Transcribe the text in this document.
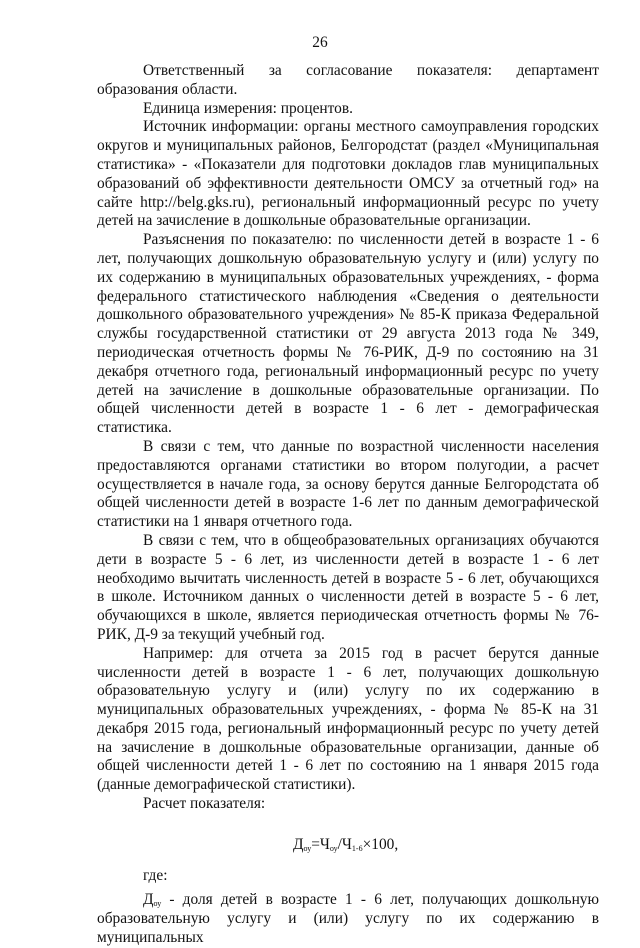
26

Ответственный за согласование показателя: департамент образования области.

Единица измерения: процентов.

Источник информации: органы местного самоуправления городских округов и муниципальных районов, Белгородстат (раздел «Муниципальная статистика» - «Показатели для подготовки докладов глав муниципальных образований об эффективности деятельности ОМСУ за отчетный год» на сайте http://belg.gks.ru), региональный информационный ресурс по учету детей на зачисление в дошкольные образовательные организации.

Разъяснения по показателю: по численности детей в возрасте 1 - 6 лет, получающих дошкольную образовательную услугу и (или) услугу по их содержанию в муниципальных образовательных учреждениях, - форма федерального статистического наблюдения «Сведения о деятельности дошкольного образовательного учреждения» № 85-К приказа Федеральной службы государственной статистики от 29 августа 2013 года № 349, периодическая отчетность формы № 76-РИК, Д-9 по состоянию на 31 декабря отчетного года, региональный информационный ресурс по учету детей на зачисление в дошкольные образовательные организации. По общей численности детей в возрасте 1 - 6 лет - демографическая статистика.

В связи с тем, что данные по возрастной численности населения предоставляются органами статистики во втором полугодии, а расчет осуществляется в начале года, за основу берутся данные Белгородстата об общей численности детей в возрасте 1-6 лет по данным демографической статистики на 1 января отчетного года.

В связи с тем, что в общеобразовательных организациях обучаются дети в возрасте 5 - 6 лет, из численности детей в возрасте 1 - 6 лет необходимо вычитать численность детей в возрасте 5 - 6 лет, обучающихся в школе. Источником данных о численности детей в возрасте 5 - 6 лет, обучающихся в школе, является периодическая отчетность формы № 76-РИК, Д-9 за текущий учебный год.

Например: для отчета за 2015 год в расчет берутся данные численности детей в возрасте 1 - 6 лет, получающих дошкольную образовательную услугу и (или) услугу по их содержанию в муниципальных образовательных учреждениях, - форма № 85-К на 31 декабря 2015 года, региональный информационный ресурс по учету детей на зачисление в дошкольные образовательные организации, данные об общей численности детей 1 - 6 лет по состоянию на 1 января 2015 года (данные демографической статистики).

Расчет показателя:

$Д_{оу}=Ч_{оу}/Ч_{1-6}\times 100$,

где:

$Д_{оу}$ - доля детей в возрасте 1 - 6 лет, получающих дошкольную образовательную услугу и (или) услугу по их содержанию в муниципальных
